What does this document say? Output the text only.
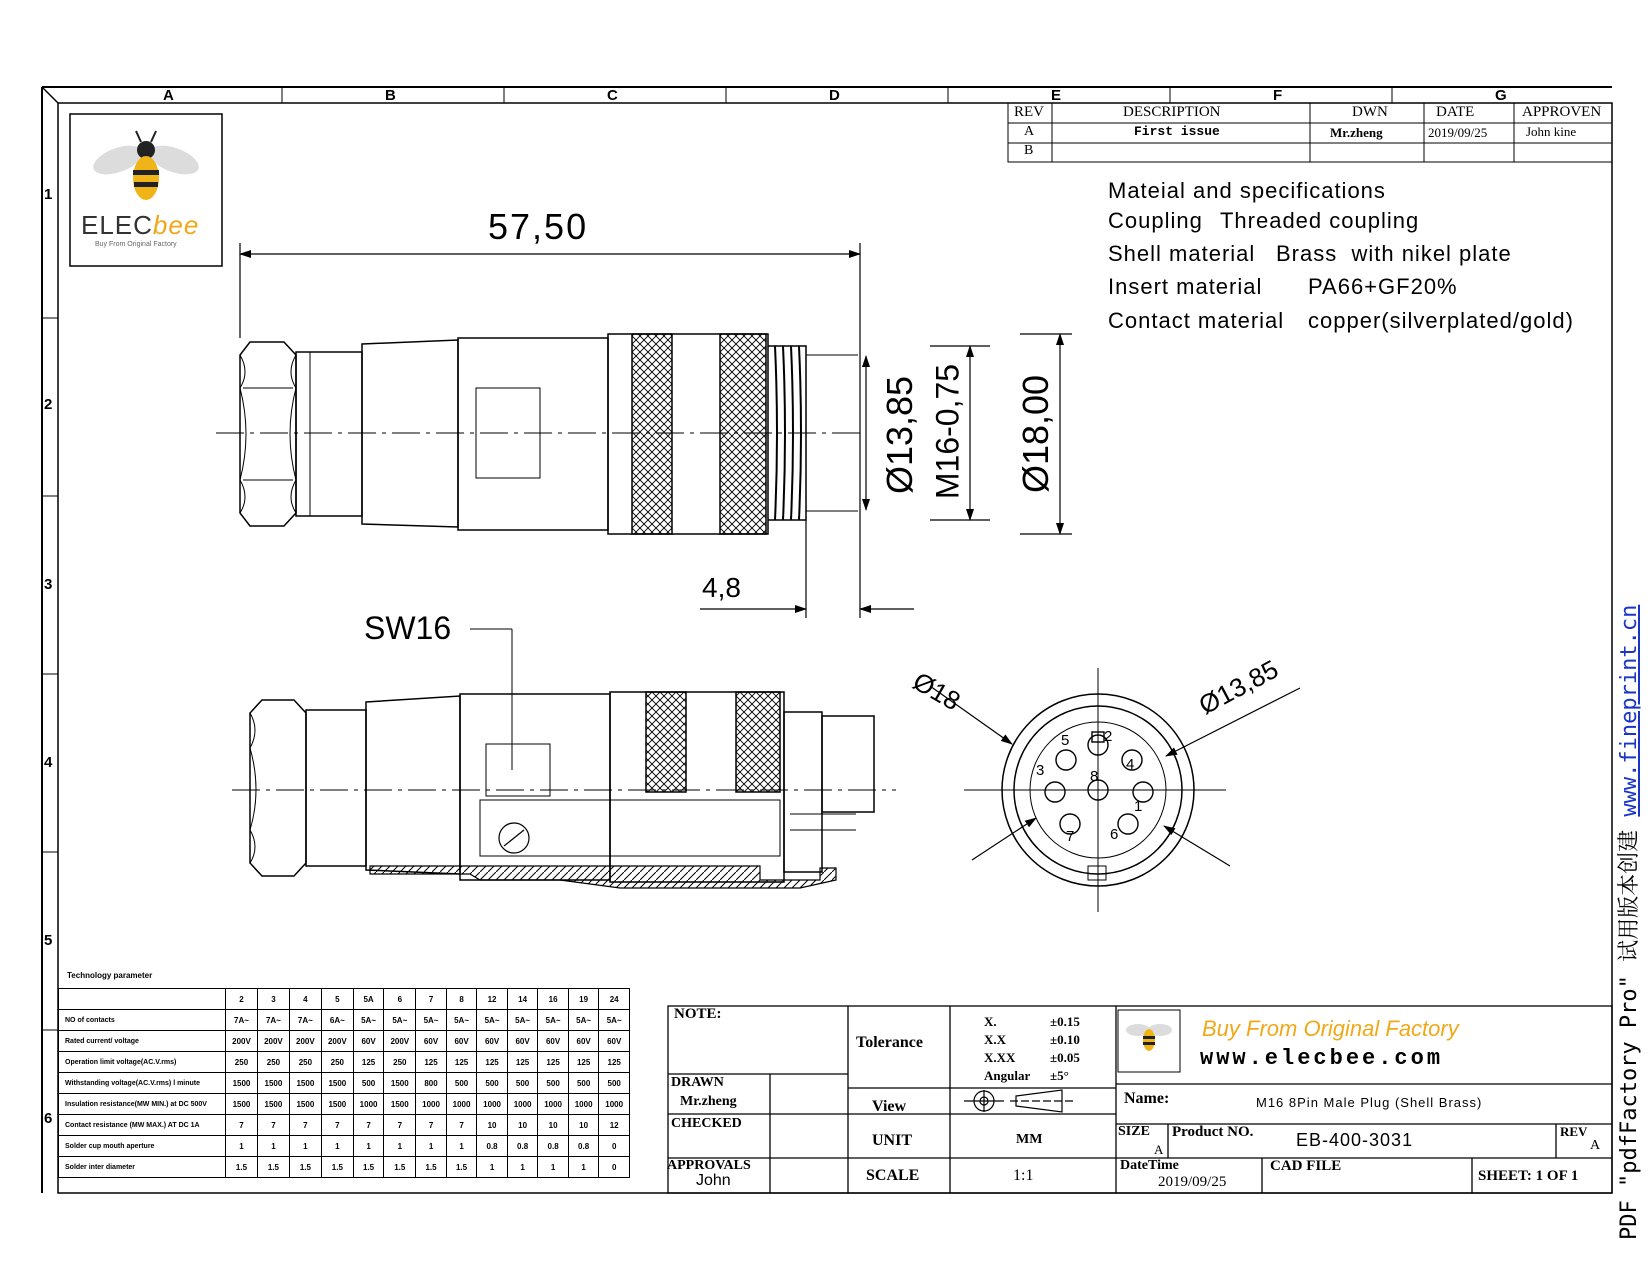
A	B	C	D	E	F	G
1
2
3
4
5
6
REV	DESCRIPTION	DWN	DATE	APPROVEN
A	First issue	Mr.zheng	2019/09/25	John kine
B
ELECbee
Buy From Original Factory
Mateial and specifications
Coupling Threaded coupling
Shell material Brass  with nikel plate
Insert material PA66+GF20%
Contact material copper(silverplated/gold)
57,50
4,8
Ø13,85 M16-0,75 Ø18,00
SW16
Ø18	Ø13,85
1
2
3	4
5
6
7
8
Technology parameter
	2	3	4	5	5A	6	7	8	12	14	16	19	24
NO of contacts	7A~	7A~	7A~	6A~	5A~	5A~	5A~	5A~	5A~	5A~	5A~	5A~	5A~
Rated current/ voltage	200V	200V	200V	200V	60V	200V	60V	60V	60V	60V	60V	60V	60V
Operation limit voltage(AC.V.rms)	250	250	250	250	125	250	125	125	125	125	125	125	125
Withstanding voltage(AC.V.rms) l minute	1500	1500	1500	1500	500	1500	800	500	500	500	500	500	500
Insulation resistance(MW MIN.) at DC 500V	1500	1500	1500	1500	1000	1500	1000	1000	1000	1000	1000	1000	1000
Contact resistance (MW MAX.) AT DC 1A	7	7	7	7	7	7	7	7	10	10	10	10	12
Solder cup mouth aperture	1	1	1	1	1	1	1	1	0.8	0.8	0.8	0.8	0
Solder inter diameter	1.5	1.5	1.5	1.5	1.5	1.5	1.5	1.5	1	1	1	1	0
NOTE:
Tolerance
X.	±0.15
X.X	±0.10
X.XX	±0.05
Angular ±5°
DRAWN
Mr.zheng
CHECKED
APPROVALS
John
View
UNIT	MM
SCALE	1:1
Buy From Original Factory
www.elecbee.com
Name:	M16 8Pin Male Plug (Shell Brass)
SIZE
A
Product NO. EB-400-3031	REV
A
DateTime
2019/09/25
CAD FILE
SHEET: 1 OF 1 PDF "pdfFactory Pro" 试用版本创建 www.fineprint.cn
